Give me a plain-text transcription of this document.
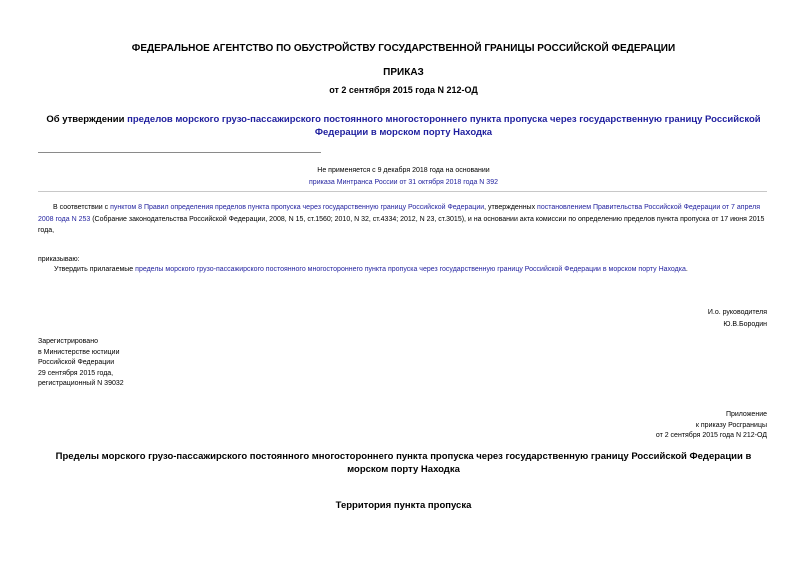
ФЕДЕРАЛЬНОЕ АГЕНТСТВО ПО ОБУСТРОЙСТВУ ГОСУДАРСТВЕННОЙ ГРАНИЦЫ РОССИЙСКОЙ ФЕДЕРАЦИИ
ПРИКАЗ
от 2 сентября 2015 года N 212-ОД
Об утверждении пределов морского грузо-пассажирского постоянного многостороннего пункта пропуска через государственную границу Российской Федерации в морском порту Находка
Не применяется с 9 декабря 2018 года на основании
приказа Минтранса России от 31 октября 2018 года N 392
В соответствии с пунктом 8 Правил определения пределов пункта пропуска через государственную границу Российской Федерации, утвержденных постановлением Правительства Российской Федерации от 7 апреля 2008 года N 253 (Собрание законодательства Российской Федерации, 2008, N 15, ст.1560; 2010, N 32, ст.4334; 2012, N 23, ст.3015), и на основании акта комиссии по определению пределов пункта пропуска от 17 июня 2015 года,
приказываю:
Утвердить прилагаемые пределы морского грузо-пассажирского постоянного многостороннего пункта пропуска через государственную границу Российской Федерации в морском порту Находка.
И.о. руководителя
Ю.В.Бородин
Зарегистрировано
в Министерстве юстиции
Российской Федерации
29 сентября 2015 года,
регистрационный N 39032
Приложение
к приказу Росграницы
от 2 сентября 2015 года N 212-ОД
Пределы морского грузо-пассажирского постоянного многостороннего пункта пропуска через государственную границу Российской Федерации в морском порту Находка
Территория пункта пропуска
